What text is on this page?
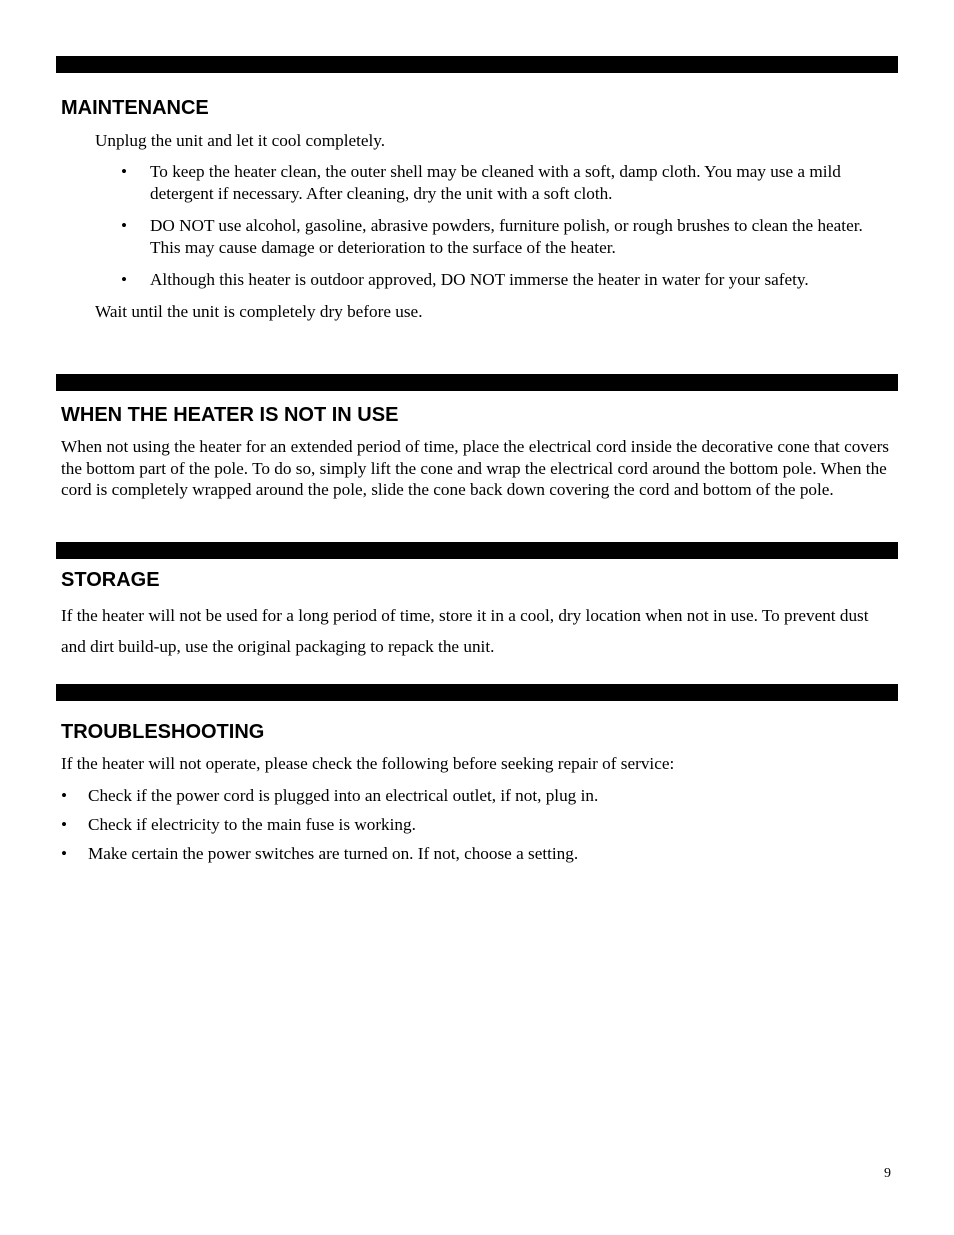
MAINTENANCE

Unplug the unit and let it cool completely.

• To keep the heater clean, the outer shell may be cleaned with a soft, damp cloth. You may use a mild detergent if necessary. After cleaning, dry the unit with a soft cloth.
• DO NOT use alcohol, gasoline, abrasive powders, furniture polish, or rough brushes to clean the heater. This may cause damage or deterioration to the surface of the heater.
• Although this heater is outdoor approved, DO NOT immerse the heater in water for your safety.

Wait until the unit is completely dry before use.

WHEN THE HEATER IS NOT IN USE

When not using the heater for an extended period of time, place the electrical cord inside the decorative cone that covers the bottom part of the pole. To do so, simply lift the cone and wrap the electrical cord around the bottom pole. When the cord is completely wrapped around the pole, slide the cone back down covering the cord and bottom of the pole.

STORAGE

If the heater will not be used for a long period of time, store it in a cool, dry location when not in use. To prevent dust and dirt build-up, use the original packaging to repack the unit.

TROUBLESHOOTING

If the heater will not operate, please check the following before seeking repair of service:

• Check if the power cord is plugged into an electrical outlet, if not, plug in.
• Check if electricity to the main fuse is working.
• Make certain the power switches are turned on. If not, choose a setting.
9
